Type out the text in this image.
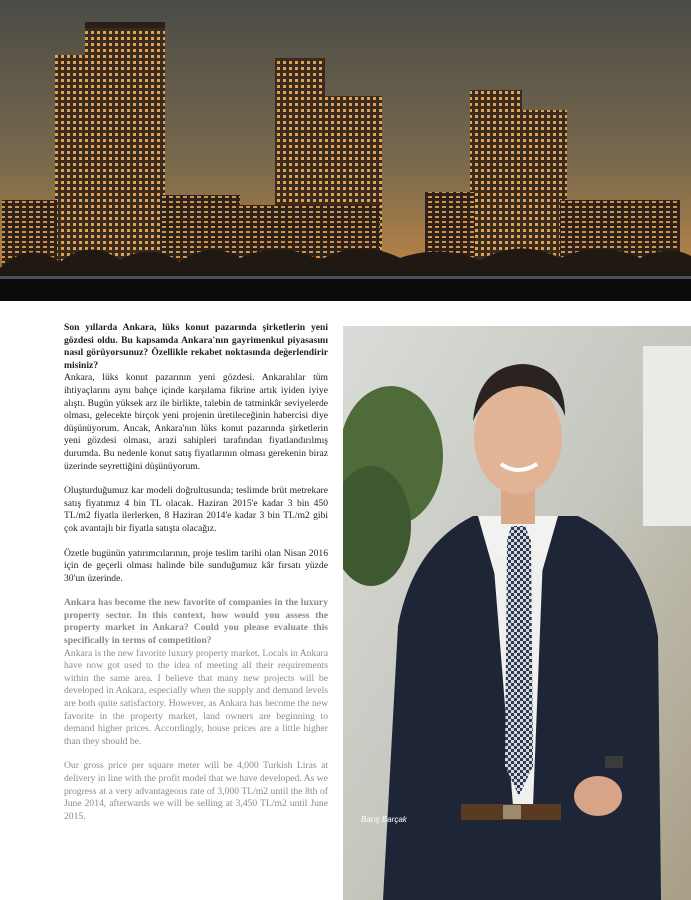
Son yıllarda Ankara, lüks konut pazarında şirketlerin yeni gözdesi oldu. Bu kapsamda Ankara'nın gayrimenkul piyasasını nasıl görüyorsunuz? Özellikle rekabet noktasında değerlendirir misiniz?

Ankara, lüks konut pazarının yeni gözdesi. Ankaralılar tüm ihtiyaçlarını aynı bahçe içinde karşılama fikrine artık iyiden iyiye alıştı. Bugün yüksek arz ile birlikte, talebin de tatminkâr seviyelerde olması, gelecekte birçok yeni projenin üretileceğinin habercisi diye düşünüyorum. Ancak, Ankara'nın lüks konut pazarında şirketlerin yeni gözdesi olması, arazi sahipleri tarafından fiyatlandırılmış durumda. Bu nedenle konut satış fiyatlarının olması gerekenin biraz üzerinde seyrettiğini düşünüyorum.

Oluşturduğumuz kar modeli doğrultusunda; teslimde brüt metrekare satış fiyatımız 4 bin TL olacak. Haziran 2015'e kadar 3 bin 450 TL/m2 fiyatla ilerlerken, 8 Haziran 2014'e kadar 3 bin TL/m2 gibi çok avantajlı bir fiyatla satışta olacağız.

Özetle bugünün yatırımcılarının, proje teslim tarihi olan Nisan 2016 için de geçerli olması halinde bile sunduğumuz kâr fırsatı yüzde 30'un üzerinde.

Ankara has become the new favorite of companies in the luxury property sector. In this context, how would you assess the property market in Ankara? Could you please evaluate this specifically in terms of competition?

Ankara is the new favorite luxury property market. Locals in Ankara have now got used to the idea of meeting all their requirements within the same area. I believe that many new projects will be developed in Ankara, especially when the supply and demand levels are both quite satisfactory. However, as Ankara has become the new favorite in the property market, land owners are beginning to demand higher prices. Accordingly, house prices are a little higher than they should be.

Our gross price per square meter will be 4,000 Turkish Liras at delivery in line with the profit model that we have developed. As we progress at a very advantageous rate of 3,000 TL/m2 until the 8th of June 2014, afterwards we will be selling at 3,450 TL/m2 until June 2015.	Barış Barçak
